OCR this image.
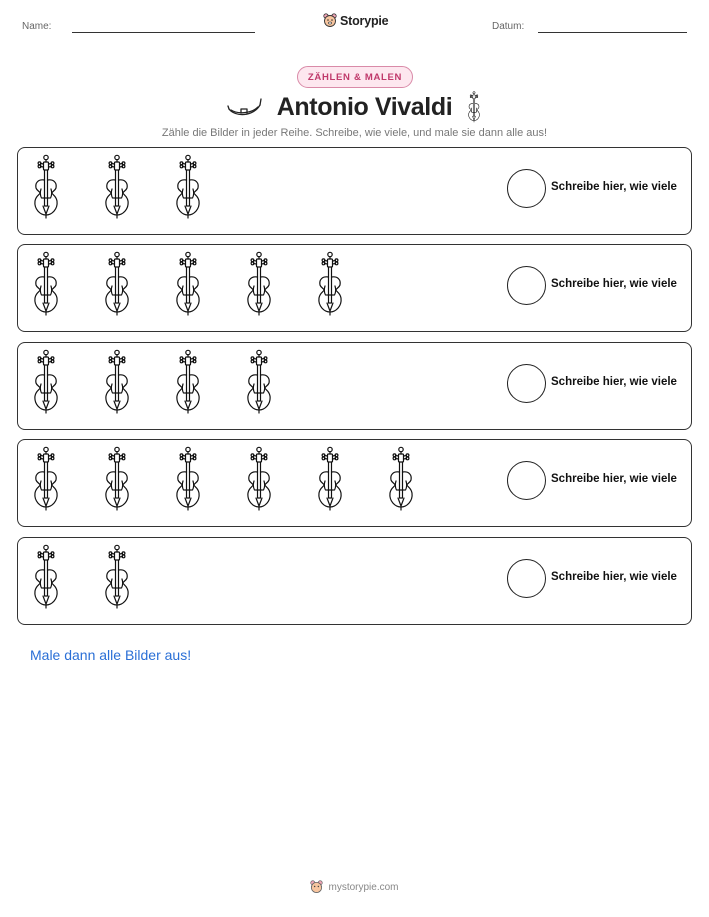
Name:	Storypie	Datum:
ZÄHLEN & MALEN
Antonio Vivaldi
Zähle die Bilder in jeder Reihe. Schreibe, wie viele, und male sie dann alle aus!
Schreibe hier, wie viele
Schreibe hier, wie viele
Schreibe hier, wie viele
Schreibe hier, wie viele
Schreibe hier, wie viele
Male dann alle Bilder aus!
mystorypie.com
